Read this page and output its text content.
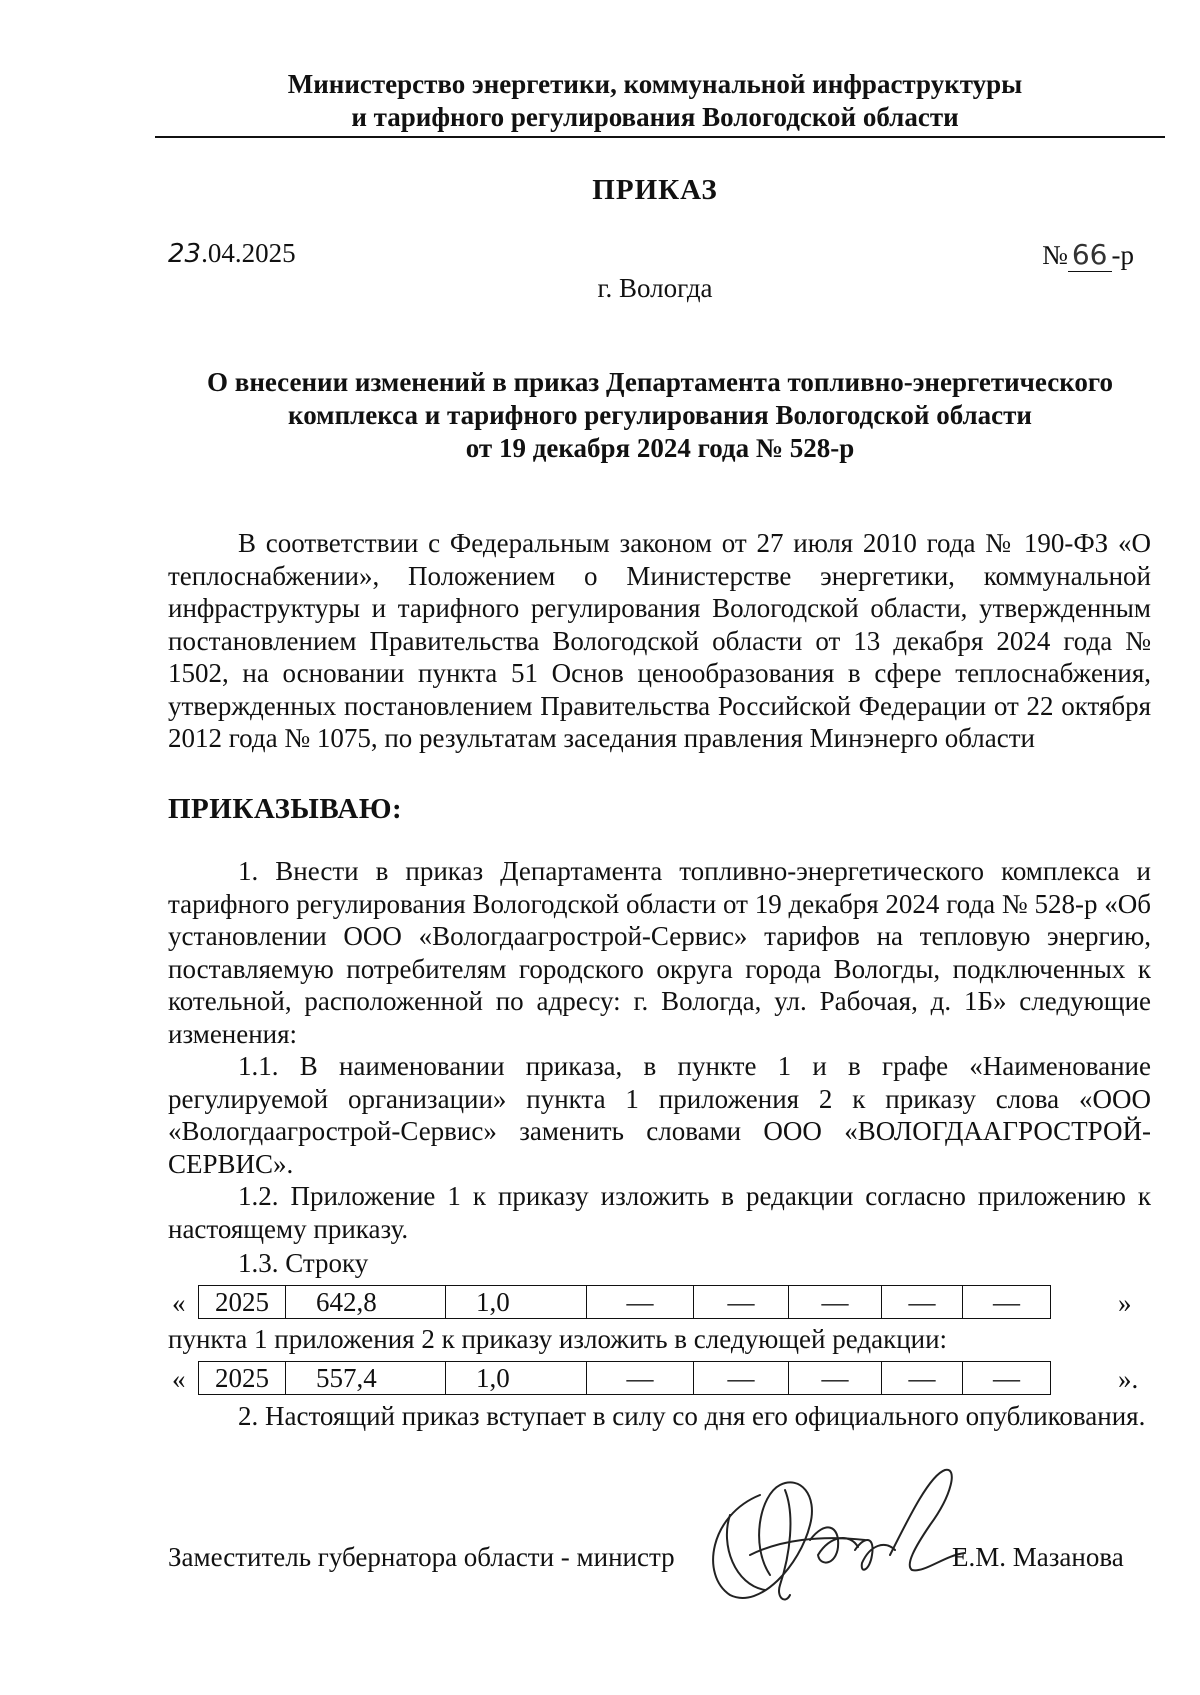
Министерство энергетики, коммунальной инфраструктуры
и тарифного регулирования Вологодской области
ПРИКАЗ
23.04.2025	№ 66 -р
г. Вологда
О внесении изменений в приказ Департамента топливно-энергетического
комплекса и тарифного регулирования Вологодской области
от 19 декабря 2024 года № 528-р

В соответствии с Федеральным законом от 27 июля 2010 года № 190-ФЗ «О теплоснабжении», Положением о Министерстве энергетики, коммунальной инфраструктуры и тарифного регулирования Вологодской области, утвержденным постановлением Правительства Вологодской области от 13 декабря 2024 года № 1502, на основании пункта 51 Основ ценообразования в сфере теплоснабжения, утвержденных постановлением Правительства Российской Федерации от 22 октября 2012 года № 1075, по результатам заседания правления Минэнерго области

ПРИКАЗЫВАЮ:

1. Внести в приказ Департамента топливно-энергетического комплекса и тарифного регулирования Вологодской области от 19 декабря 2024 года № 528-р «Об установлении ООО «Вологдаагрострой-Сервис» тарифов на тепловую энергию, поставляемую потребителям городского округа города Вологды, подключенных к котельной, расположенной по адресу: г. Вологда, ул. Рабочая, д. 1Б» следующие изменения:

1.1. В наименовании приказа, в пункте 1 и в графе «Наименование регулируемой организации» пункта 1 приложения 2 к приказу слова «ООО «Вологдаагрострой-Сервис» заменить словами ООО «ВОЛОГДААГРОСТРОЙ-СЕРВИС».

1.2. Приложение 1 к приказу изложить в редакции согласно приложению к настоящему приказу.

1.3. Строку
« 2025	642,8	1,0	—	—	—	—	—	»
пункта 1 приложения 2 к приказу изложить в следующей редакции:
« 2025	557,4	1,0	—	—	—	—	—	».

2. Настоящий приказ вступает в силу со дня его официального опубликования.

Заместитель губернатора области - министр	Е.М. Мазанова
